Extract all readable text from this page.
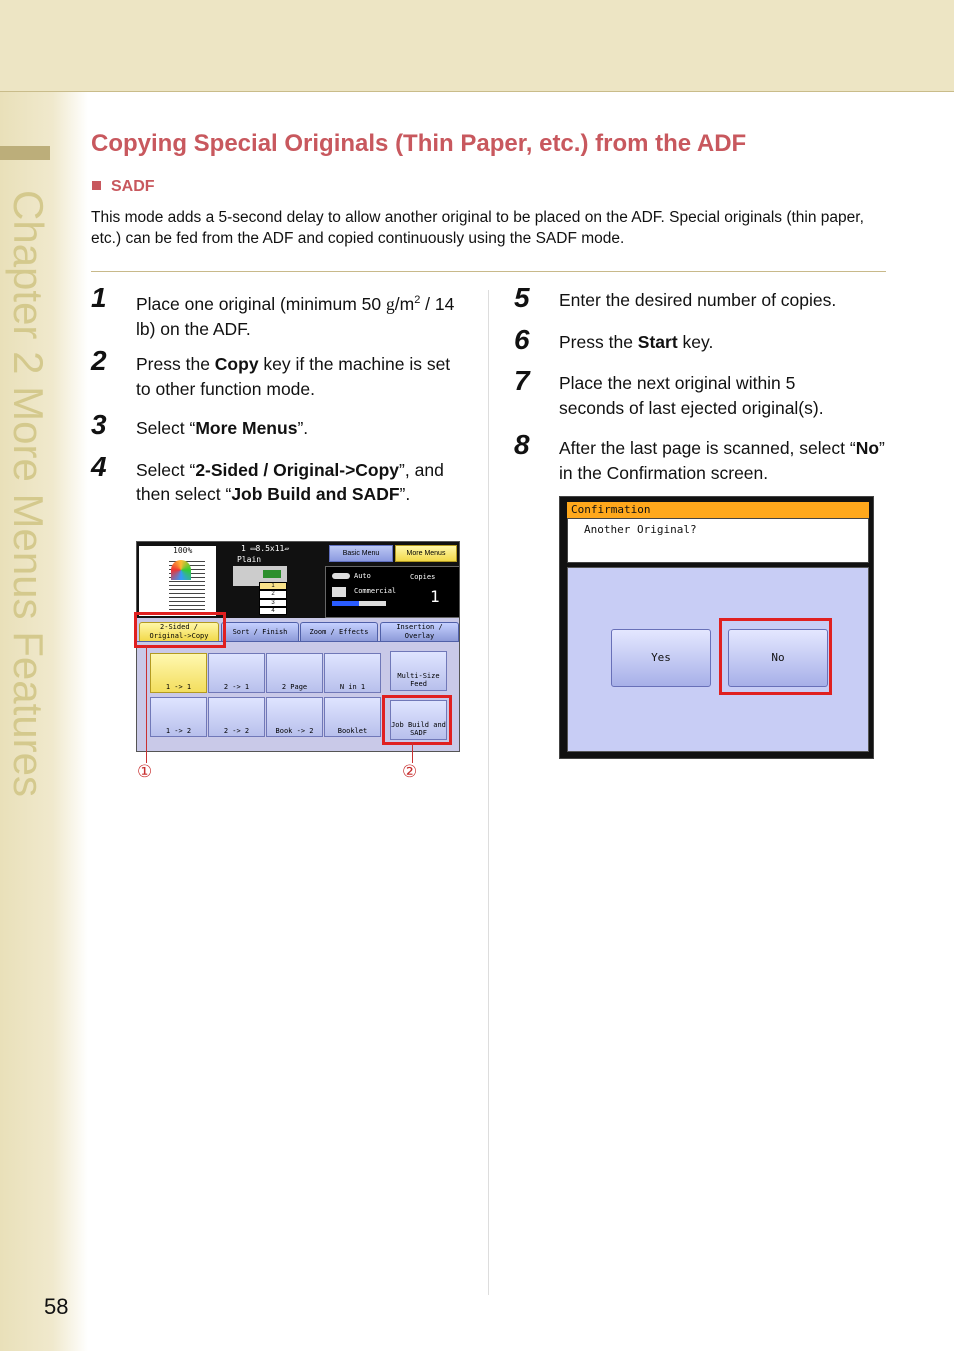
Chapter 2 More Menus Features
58
Copying Special Originals (Thin Paper, etc.) from the ADF
SADF
This mode adds a 5-second delay to allow another original to be placed on the ADF. Special originals (thin paper, etc.) can be fed from the ADF and copied continuously using the SADF mode.
1 Place one original (minimum 50 $g/m^2 / 14$ lb) on the ADF.
2 Press the Copy key if the machine is set to other function mode.
3 Select “More Menus”.
4 Select “2-Sided / Original->Copy”, and then select “Job Build and SADF”.
100%	1 ▭8.5x11▱
Plain
1
2
3
4
Basic Menu	More Menus
Auto	Copies
Commercial 1
2-Sided / Original->Copy	Sort / Finish	Zoom / Effects
Insertion / Overlay
1 -> 1	2 -> 1	2 Page	N in 1
Multi-Size Feed
1 -> 2	2 -> 2	Book -> 2	Booklet
Job Build and SADF
①	②
5 Enter the desired number of copies.
6 Press the Start key.
7 Place the next original within 5 seconds of last ejected original(s).
8 After the last page is scanned, select “No” in the Confirmation screen.
Confirmation
Another Original?
Yes	No
